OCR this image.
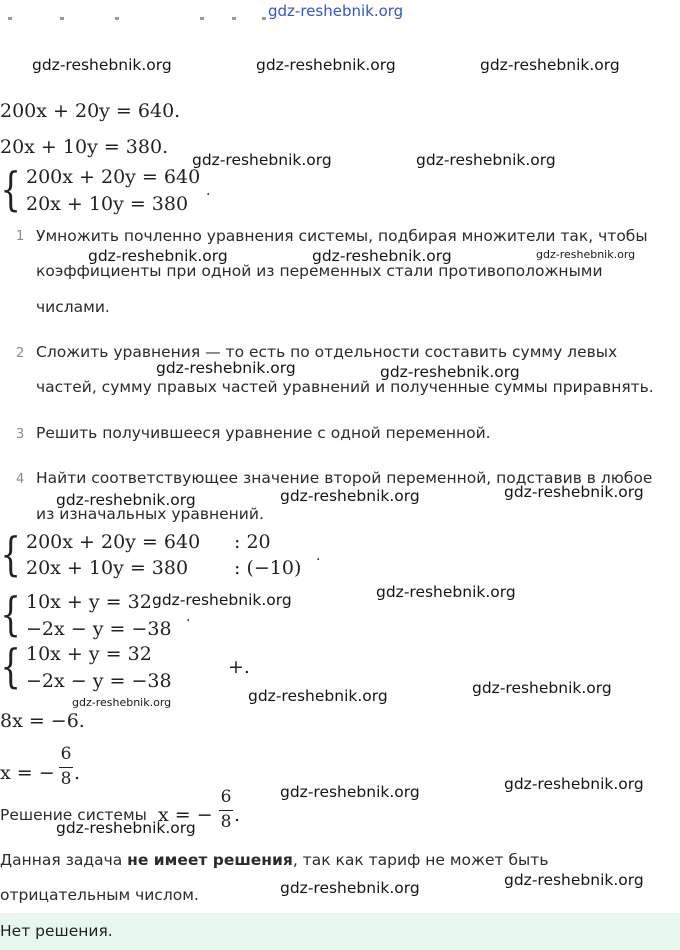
gdz-reshebnik.org
gdz-reshebnik.org	gdz-reshebnik.org	gdz-reshebnik.org
200x + 20y = 640.
20x + 10y = 380.
{ 200x + 20y = 640
20x + 10y = 380
.
gdz-reshebnik.org	gdz-reshebnik.org
1 Умножить почленно уравнения системы, подбирая множители так, чтобы
коэффициенты при одной из переменных стали противоположными
числами.
gdz-reshebnik.org	gdz-reshebnik.org	gdz-reshebnik.org
2 Сложить уравнения — то есть по отдельности составить сумму левых
частей, сумму правых частей уравнений и полученные суммы приравнять.
gdz-reshebnik.org	gdz-reshebnik.org
3 Решить получившееся уравнение с одной переменной.
4 Найти соответствующее значение второй переменной, подставив в любое
из изначальных уравнений.
gdz-reshebnik.org	gdz-reshebnik.org	gdz-reshebnik.org
{ 200x + 20y = 640 : 20
20x + 10y = 380 : (−10)
.
{ 10x + y = 32
−2x − y = −38
.
gdz-reshebnik.org	gdz-reshebnik.org
{ 10x + y = 32
−2x − y = −38
+.
gdz-reshebnik.org	gdz-reshebnik.org
gdz-reshebnik.org
8x = −6.
x = −
6
8 .	gdz-reshebnik.org
Решение системы x = −
6
8 .
gdz-reshebnik.org
gdz-reshebnik.org
Данная задача не имеет решения, так как тариф не может быть
отрицательным числом.	gdz-reshebnik.org	gdz-reshebnik.org
Нет решения.
